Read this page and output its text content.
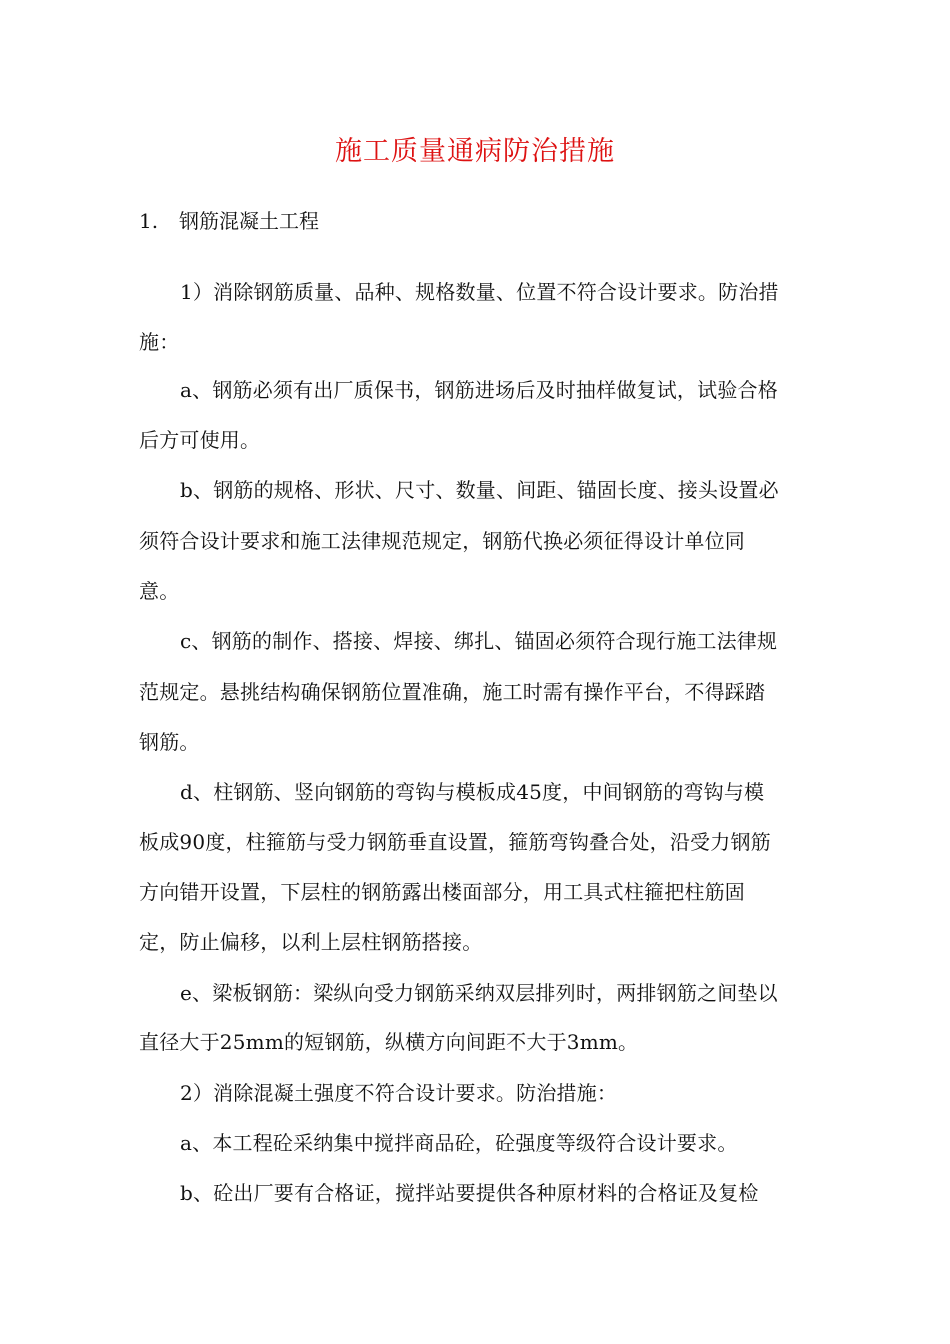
施工质量通病防治措施

1. 钢筋混凝土工程

1）消除钢筋质量、品种、规格数量、位置不符合设计要求。防治措

施：

a、钢筋必须有出厂质保书，钢筋进场后及时抽样做复试，试验合格

后方可使用。

b、钢筋的规格、形状、尺寸、数量、间距、锚固长度、接头设置必

须符合设计要求和施工法律规范规定，钢筋代换必须征得设计单位同

意。

c、钢筋的制作、搭接、焊接、绑扎、锚固必须符合现行施工法律规

范规定。悬挑结构确保钢筋位置准确，施工时需有操作平台，不得踩踏

钢筋。

d、柱钢筋、竖向钢筋的弯钩与模板成45度，中间钢筋的弯钩与模

板成90度，柱箍筋与受力钢筋垂直设置，箍筋弯钩叠合处，沿受力钢筋

方向错开设置，下层柱的钢筋露出楼面部分，用工具式柱箍把柱筋固

定，防止偏移，以利上层柱钢筋搭接。

e、梁板钢筋：梁纵向受力钢筋采纳双层排列时，两排钢筋之间垫以

直径大于25mm的短钢筋，纵横方向间距不大于3mm。

2）消除混凝土强度不符合设计要求。防治措施：

a、本工程砼采纳集中搅拌商品砼，砼强度等级符合设计要求。

b、砼出厂要有合格证，搅拌站要提供各种原材料的合格证及复检
